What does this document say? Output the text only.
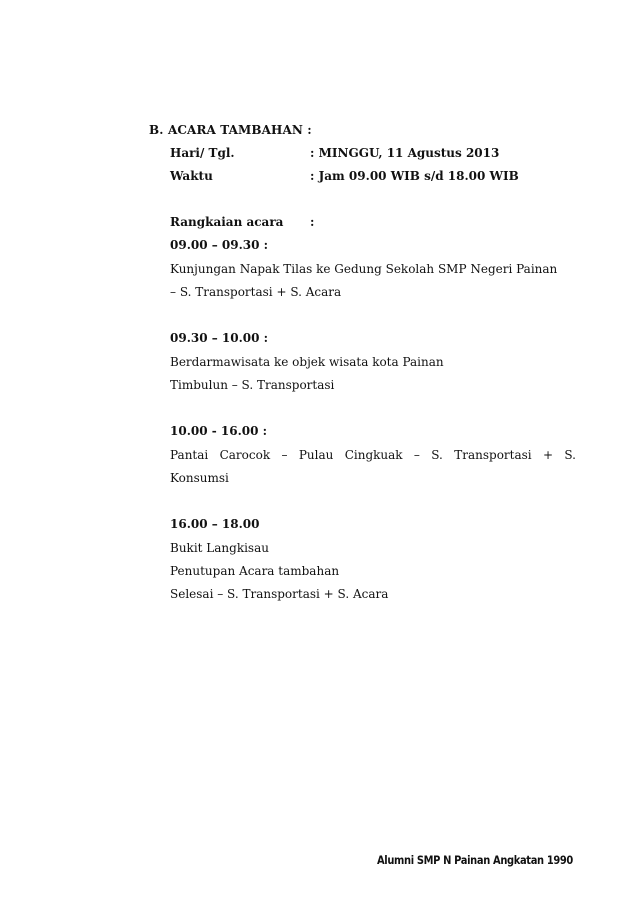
B. ACARA TAMBAHAN :
Hari/ Tgl.	: MINGGU, 11 Agustus 2013
Waktu	: Jam 09.00 WIB s/d 18.00 WIB
Rangkaian acara :
09.00 – 09.30 :
Kunjungan Napak Tilas ke Gedung Sekolah SMP Negeri Painan
– S. Transportasi + S. Acara
09.30 – 10.00 :
Berdarmawisata ke objek wisata kota Painan
Timbulun – S. Transportasi
10.00 - 16.00 :
Pantai Carocok – Pulau Cingkuak – S. Transportasi + S.
Konsumsi
16.00 – 18.00
Bukit Langkisau
Penutupan Acara tambahan
Selesai – S. Transportasi + S. Acara
Alumni SMP N Painan Angkatan 1990
